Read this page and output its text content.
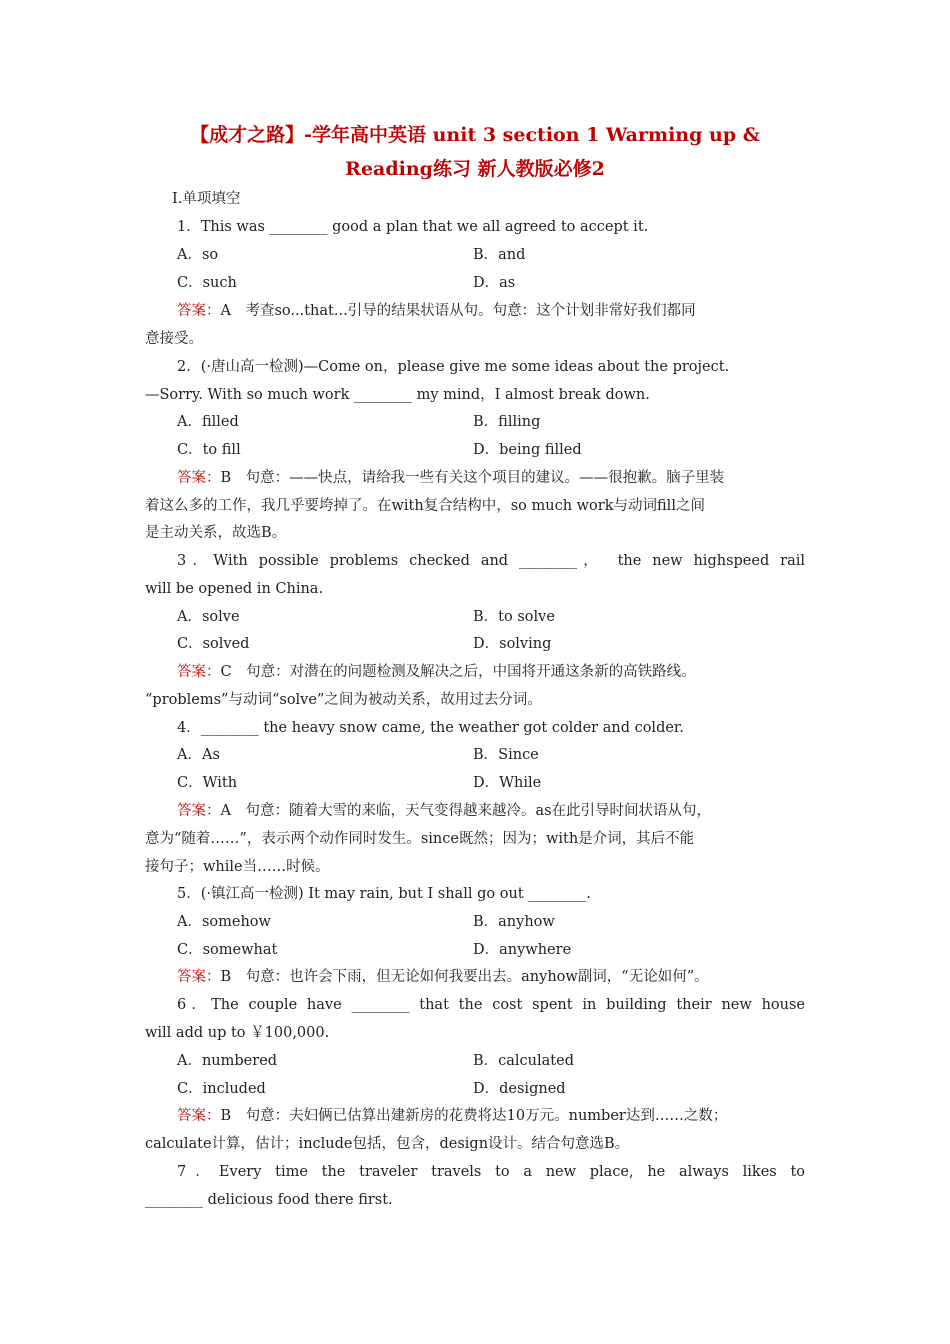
【成才之路】-学年高中英语 unit 3 section 1 Warming up &
Reading练习 新人教版必修2
Ⅰ.单项填空
1．This was ________ good a plan that we all agreed to accept it.
A．so	B．and
C．such	D．as
答案：A　考查so...that...引导的结果状语从句。句意：这个计划非常好我们都同
意接受。
2．(·唐山高一检测)—Come on，please give me some ideas about the project.
—Sorry. With so much work ________ my mind，I almost break down.
A．filled	B．filling
C．to fill	D．being filled
答案：B　句意：——快点，请给我一些有关这个项目的建议。——很抱歉。脑子里装
着这么多的工作，我几乎要垮掉了。在with复合结构中，so much work与动词fill之间
是主动关系，故选B。
3．With possible problems checked and ________，　the new highspeed rail
will be opened in China.
A．solve	B．to solve
C．solved	D．solving
答案：C　句意：对潜在的问题检测及解决之后，中国将开通这条新的高铁路线。
“problems”与动词“solve”之间为被动关系，故用过去分词。
4．________ the heavy snow came, the weather got colder and colder.
A．As	B．Since
C．With	D．While
答案：A　句意：随着大雪的来临，天气变得越来越冷。as在此引导时间状语从句，
意为“随着……”，表示两个动作同时发生。since既然；因为；with是介词，其后不能
接句子；while当……时候。
5．(·镇江高一检测) It may rain, but I shall go out ________.
A．somehow	B．anyhow
C．somewhat	D．anywhere
答案：B　句意：也许会下雨，但无论如何我要出去。anyhow副词，“无论如何”。
6．The couple have ________ that the cost spent in building their new house
will add up to ￥100,000.
A．numbered	B．calculated
C．included	D．designed
答案：B　句意：夫妇俩已估算出建新房的花费将达10万元。number达到……之数；
calculate计算，估计；include包括，包含，design设计。结合句意选B。
7．Every time the traveler travels to a new place, he always likes to
________ delicious food there first.
